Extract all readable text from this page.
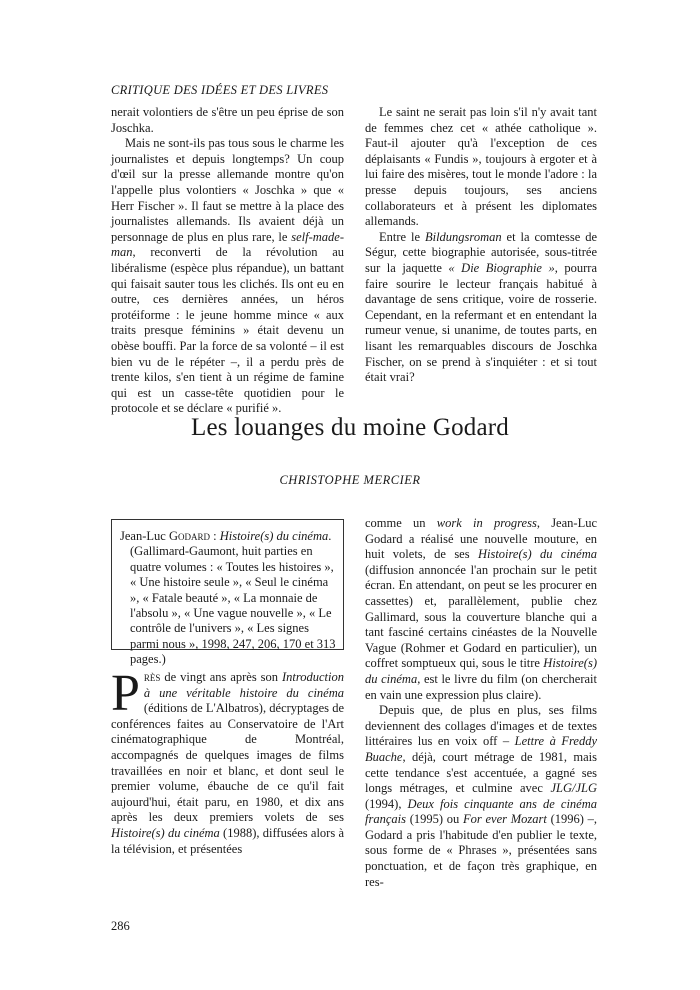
CRITIQUE DES IDÉES ET DES LIVRES

nerait volontiers de s'être un peu éprise de son Joschka.

Mais ne sont-ils pas tous sous le charme les journalistes et depuis longtemps? Un coup d'œil sur la presse allemande montre qu'on l'appelle plus volontiers « Joschka » que « Herr Fischer ». Il faut se mettre à la place des journalistes allemands. Ils avaient déjà un personnage de plus en plus rare, le self-made-man, reconverti de la révolution au libéralisme (espèce plus répandue), un battant qui faisait sauter tous les clichés. Ils ont eu en outre, ces dernières années, un héros protéiforme : le jeune homme mince « aux traits presque féminins » était devenu un obèse bouffi. Par la force de sa volonté – il est bien vu de le répéter –, il a perdu près de trente kilos, s'en tient à un régime de famine qui est un casse-tête quotidien pour le protocole et se déclare « purifié ».

Le saint ne serait pas loin s'il n'y avait tant de femmes chez cet « athée catholique ». Faut-il ajouter qu'à l'exception de ces déplaisants « Fundis », toujours à ergoter et à lui faire des misères, tout le monde l'adore : la presse depuis toujours, ses anciens collaborateurs et à présent les diplomates allemands.

Entre le Bildungsroman et la comtesse de Ségur, cette biographie autorisée, sous-titrée sur la jaquette « Die Biographie », pourra faire sourire le lecteur français habitué à davantage de sens critique, voire de rosserie. Cependant, en la refermant et en entendant la rumeur venue, si unanime, de toutes parts, en lisant les remarquables discours de Joschka Fischer, on se prend à s'inquiéter : et si tout était vrai?

Les louanges du moine Godard
CHRISTOPHE MERCIER
Jean-Luc Godard : Histoire(s) du cinéma. (Gallimard-Gaumont, huit parties en quatre volumes : « Toutes les histoires », « Une histoire seule », « Seul le cinéma », « Fatale beauté », « La monnaie de l'absolu », « Une vague nouvelle », « Le contrôle de l'univers », « Les signes parmi nous », 1998, 247, 206, 170 et 313 pages.)

Près de vingt ans après son Introduction à une véritable histoire du cinéma (éditions de L'Albatros), décryptages de conférences faites au Conservatoire de l'Art cinématographique de Montréal, accompagnés de quelques images de films travaillées en noir et blanc, et dont seul le premier volume, ébauche de ce qu'il fait aujourd'hui, était paru, en 1980, et dix ans après les deux premiers volets de ses Histoire(s) du cinéma (1988), diffusées alors à la télévision, et présentées

comme un work in progress, Jean-Luc Godard a réalisé une nouvelle mouture, en huit volets, de ses Histoire(s) du cinéma (diffusion annoncée l'an prochain sur le petit écran. En attendant, on peut se les procurer en cassettes) et, parallèlement, publie chez Gallimard, sous la couverture blanche qui a tant fasciné certains cinéastes de la Nouvelle Vague (Rohmer et Godard en particulier), un coffret somptueux qui, sous le titre Histoire(s) du cinéma, est le livre du film (on chercherait en vain une expression plus claire).

Depuis que, de plus en plus, ses films deviennent des collages d'images et de textes littéraires lus en voix off – Lettre à Freddy Buache, déjà, court métrage de 1981, mais cette tendance s'est accentuée, a gagné ses longs métrages, et culmine avec JLG/JLG (1994), Deux fois cinquante ans de cinéma français (1995) ou For ever Mozart (1996) –, Godard a pris l'habitude d'en publier le texte, sous forme de « Phrases », présentées sans ponctuation, et de façon très graphique, en res-

286
